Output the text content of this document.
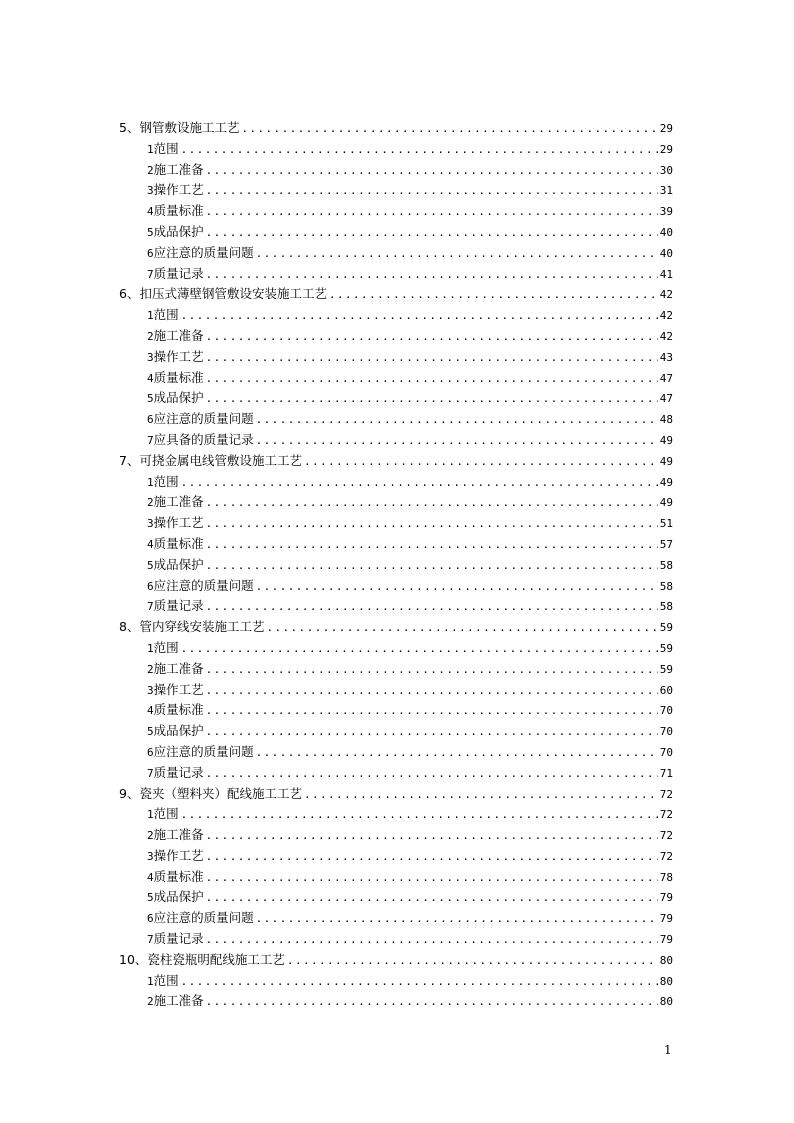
5、钢管敷设施工工艺 .....	29
1 范围 .....	29
2 施工准备 .....	30
3 操作工艺 .....	31
4 质量标准 .....	39
5 成品保护 .....	40
6 应注意的质量问题 .....	40
7 质量记录 .....	41
6、扣压式薄壁钢管敷设安装施工工艺 .....	42
1 范围 .....	42
2 施工准备 .....	42
3 操作工艺 .....	43
4 质量标准 .....	47
5 成品保护 .....	47
6 应注意的质量问题 .....	48
7 应具备的质量记录 .....	49
7、可挠金属电线管敷设施工工艺 .....	49
1 范围 .....	49
2 施工准备 .....	49
3 操作工艺 .....	51
4 质量标准 .....	57
5 成品保护 .....	58
6 应注意的质量问题 .....	58
7 质量记录 .....	58
8、管内穿线安装施工工艺 .....	59
1 范围 .....	59
2 施工准备 .....	59
3 操作工艺 .....	60
4 质量标准 .....	70
5 成品保护 .....	70
6 应注意的质量问题 .....	70
7 质量记录 .....	71
9、瓷夹（塑料夹）配线施工工艺 .....	72
1 范围 .....	72
2 施工准备 .....	72
3 操作工艺 .....	72
4 质量标准 .....	78
5 成品保护 .....	79
6 应注意的质量问题 .....	79
7 质量记录 .....	79
10、瓷柱瓷瓶明配线施工工艺 .....	80
1 范围 .....	80
2 施工准备 .....	80
1
